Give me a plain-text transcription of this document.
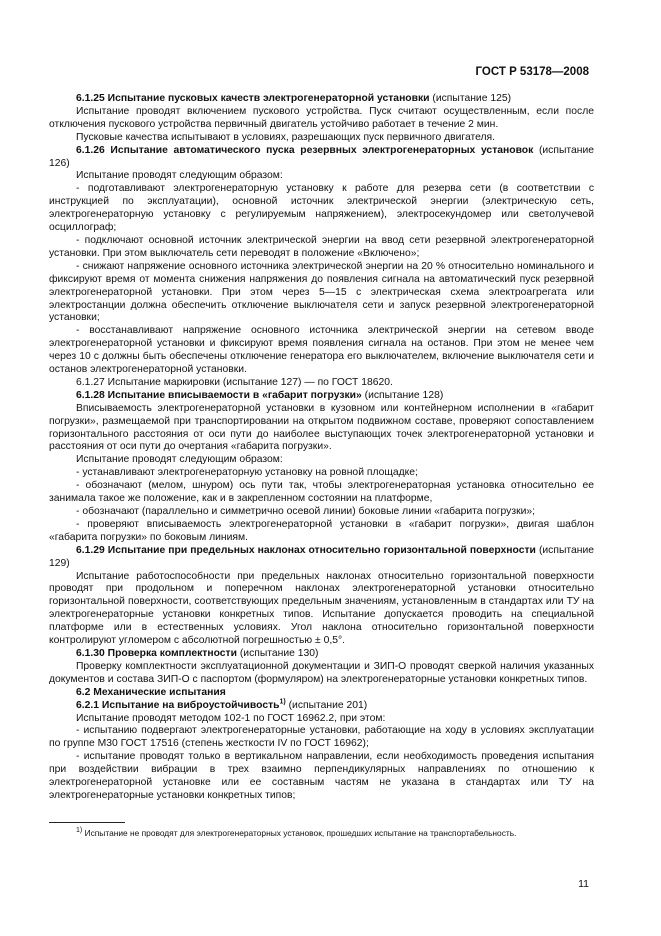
ГОСТ Р 53178—2008

6.1.25 Испытание пусковых качеств электрогенераторной установки (испытание 125)

Испытание проводят включением пускового устройства. Пуск считают осуществленным, если после отключения пускового устройства первичный двигатель устойчиво работает в течение 2 мин.

Пусковые качества испытывают в условиях, разрешающих пуск первичного двигателя.

6.1.26 Испытание автоматического пуска резервных электрогенераторных установок (испытание 126)

Испытание проводят следующим образом:

- подготавливают электрогенераторную установку к работе для резерва сети (в соответствии с инструкцией по эксплуатации), основной источник электрической энергии (электрическую сеть, электрогенераторную установку с регулируемым напряжением), электросекундомер или светолучевой осциллограф;

- подключают основной источник электрической энергии на ввод сети резервной электрогенераторной установки. При этом выключатель сети переводят в положение «Включено»;

- снижают напряжение основного источника электрической энергии на 20 % относительно номинального и фиксируют время от момента снижения напряжения до появления сигнала на автоматический пуск резервной электрогенераторной установки. При этом через 5—15 с электрическая схема электроагрегата или электростанции должна обеспечить отключение выключателя сети и запуск резервной электрогенераторной установки;

- восстанавливают напряжение основного источника электрической энергии на сетевом вводе электрогенераторной установки и фиксируют время появления сигнала на останов. При этом не менее чем через 10 с должны быть обеспечены отключение генератора его выключателем, включение выключателя сети и останов электрогенераторной установки.

6.1.27 Испытание маркировки (испытание 127) — по ГОСТ 18620.

6.1.28 Испытание вписываемости в «габарит погрузки» (испытание 128)

Вписываемость электрогенераторной установки в кузовном или контейнерном исполнении в «габарит погрузки», размещаемой при транспортировании на открытом подвижном составе, проверяют сопоставлением горизонтального расстояния от оси пути до наиболее выступающих точек электрогенераторной установки и расстояния от оси пути до очертания «габарита погрузки».

Испытание проводят следующим образом:

- устанавливают электрогенераторную установку на ровной площадке;

- обозначают (мелом, шнуром) ось пути так, чтобы электрогенераторная установка относительно ее занимала такое же положение, как и в закрепленном состоянии на платформе,

- обозначают (параллельно и симметрично осевой линии) боковые линии «габарита погрузки»;

- проверяют вписываемость электрогенераторной установки в «габарит погрузки», двигая шаблон «габарита погрузки» по боковым линиям.

6.1.29 Испытание при предельных наклонах относительно горизонтальной поверхности (испытание 129)

Испытание работоспособности при предельных наклонах относительно горизонтальной поверхности проводят при продольном и поперечном наклонах электрогенераторной установки относительно горизонтальной поверхности, соответствующих предельным значениям, установленным в стандартах или ТУ на электрогенераторные установки конкретных типов. Испытание допускается проводить на специальной платформе или в естественных условиях. Угол наклона относительно горизонтальной поверхности контролируют угломером с абсолютной погрешностью ± 0,5°.

6.1.30 Проверка комплектности (испытание 130)

Проверку комплектности эксплуатационной документации и ЗИП-О проводят сверкой наличия указанных документов и состава ЗИП-О с паспортом (формуляром) на электрогенераторные установки конкретных типов.

6.2 Механические испытания

6.2.1 Испытание на виброустойчивость$^{1)}$ (испытание 201)

Испытание проводят методом 102-1 по ГОСТ 16962.2, при этом:

- испытанию подвергают электрогенераторные установки, работающие на ходу в условиях эксплуатации по группе М30 ГОСТ 17516 (степень жесткости IV по ГОСТ 16962);

- испытание проводят только в вертикальном направлении, если необходимость проведения испытания при воздействии вибрации в трех взаимно перпендикулярных направлениях по отношению к электрогенераторной установке или ее составным частям не указана в стандартах или ТУ на электрогенераторные установки конкретных типов;

$^{1)}$ Испытание не проводят для электрогенераторных установок, прошедших испытание на транспортабельность.
11
